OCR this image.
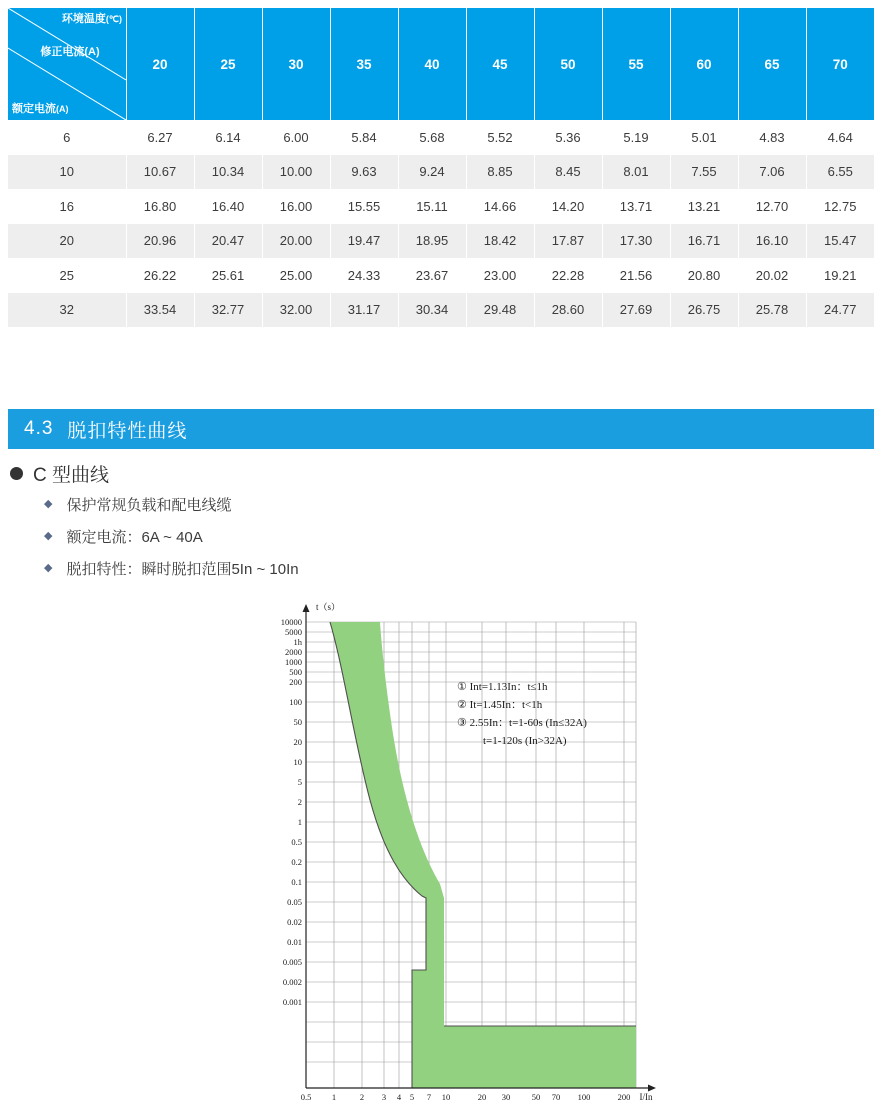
环境温度(℃)
修正电流(A)
额定电流(A)	20	25	30	35	40	45	50	55	60	65	70
6	6.27	6.14	6.00	5.84	5.68	5.52	5.36	5.19	5.01	4.83	4.64
10	10.67	10.34	10.00	9.63	9.24	8.85	8.45	8.01	7.55	7.06	6.55
16	16.80	16.40	16.00	15.55	15.11	14.66	14.20	13.71	13.21	12.70	12.75
20	20.96	20.47	20.00	19.47	18.95	18.42	17.87	17.30	16.71	16.10	15.47
25	26.22	25.61	25.00	24.33	23.67	23.00	22.28	21.56	20.80	20.02	19.21
32	33.54	32.77	32.00	31.17	30.34	29.48	28.60	27.69	26.75	25.78	24.77
4.3 脱扣特性曲线
C 型曲线
◆ 保护常规负载和配电线缆
◆ 额定电流：6A ~ 40A
◆ 脱扣特性：瞬时脱扣范围5In ~ 10In
10000
5000
1h
2000
1000
500
200
100
50
20
10
5
2
1
0.5
0.2
0.1
0.05
0.02
0.01
0.005
0.002
0.001
0.5 1	2 3 4 5 7 10	20 30	50 70 100	200 I/In
t（s）
① Int=1.13In：t≤1h
② It=1.45In：t<1h
③ 2.55In：t=1-60s (In≤32A)
t=1-120s (In>32A)
